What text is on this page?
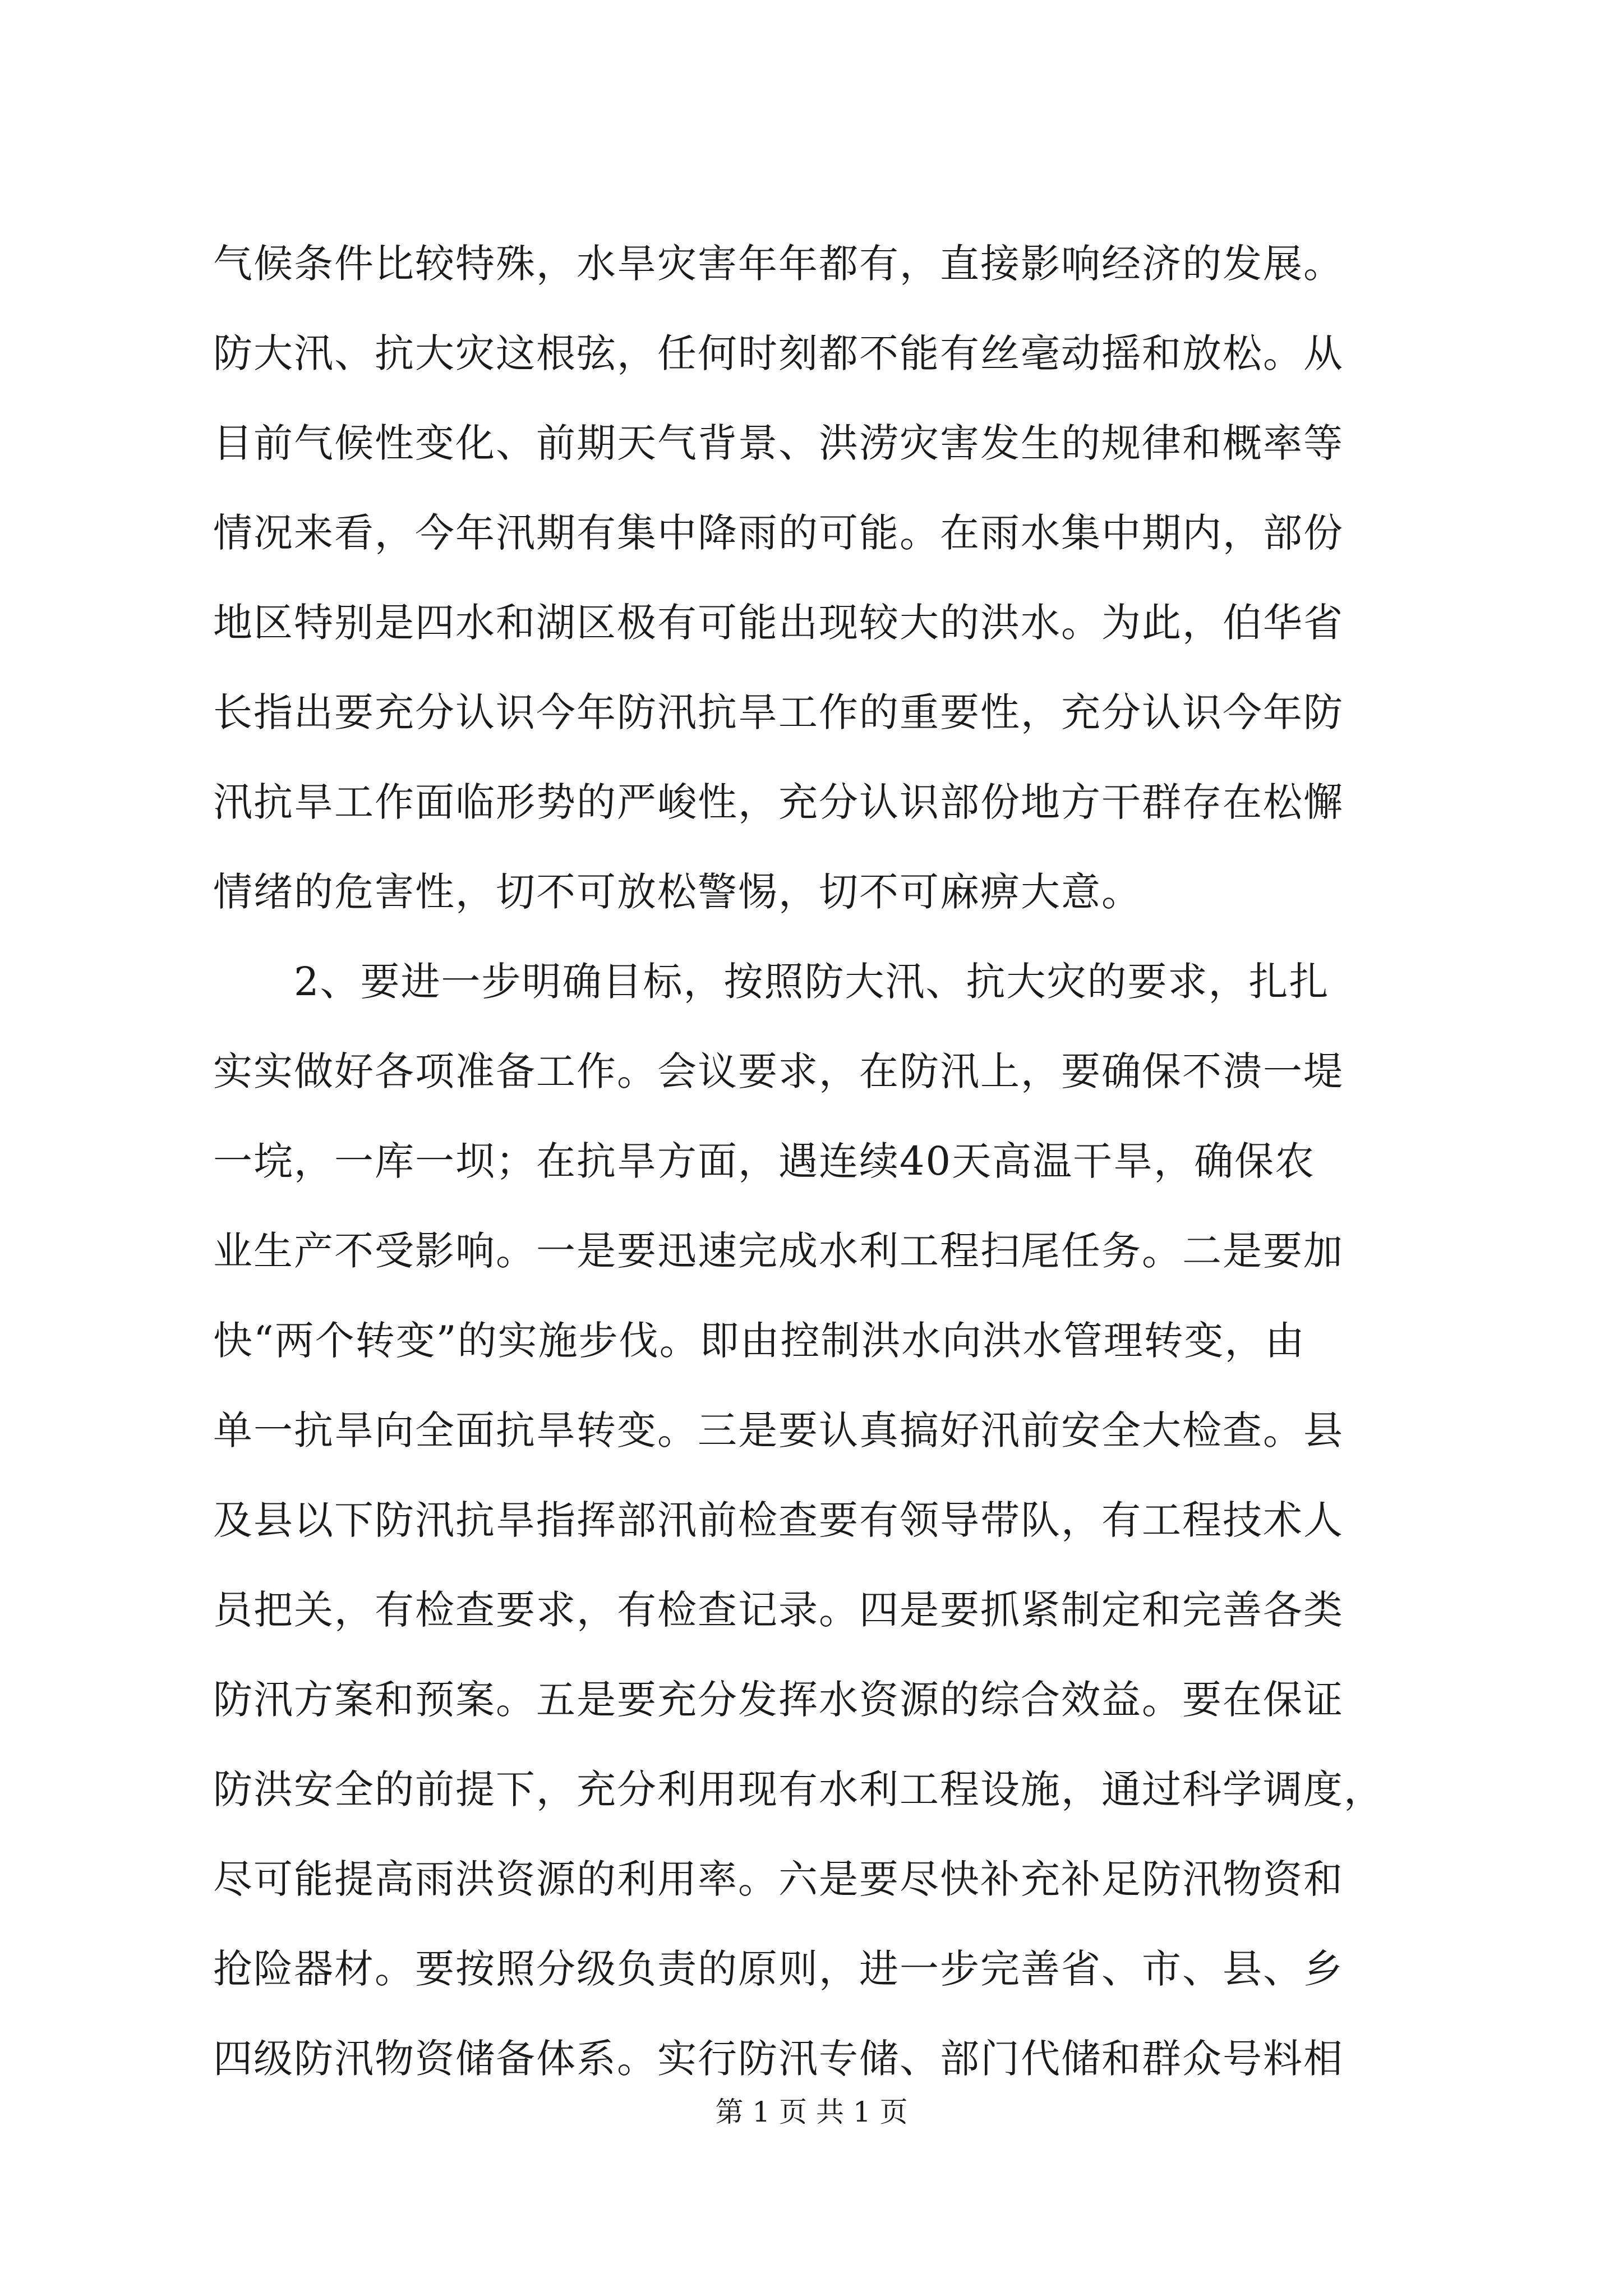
气候条件比较特殊，水旱灾害年年都有，直接影响经济的发展。
防大汛、抗大灾这根弦，任何时刻都不能有丝毫动摇和放松。从
目前气候性变化、前期天气背景、洪涝灾害发生的规律和概率等
情况来看，今年汛期有集中降雨的可能。在雨水集中期内，部份
地区特别是四水和湖区极有可能出现较大的洪水。为此，伯华省
长指出要充分认识今年防汛抗旱工作的重要性，充分认识今年防
汛抗旱工作面临形势的严峻性，充分认识部份地方干群存在松懈
情绪的危害性，切不可放松警惕，切不可麻痹大意。
　　2、要进一步明确目标，按照防大汛、抗大灾的要求，扎扎
实实做好各项准备工作。会议要求，在防汛上，要确保不溃一堤
一垸，一库一坝；在抗旱方面，遇连续40天高温干旱，确保农
业生产不受影响。一是要迅速完成水利工程扫尾任务。二是要加
快“两个转变”的实施步伐。即由控制洪水向洪水管理转变，由
单一抗旱向全面抗旱转变。三是要认真搞好汛前安全大检查。县
及县以下防汛抗旱指挥部汛前检查要有领导带队，有工程技术人
员把关，有检查要求，有检查记录。四是要抓紧制定和完善各类
防汛方案和预案。五是要充分发挥水资源的综合效益。要在保证
防洪安全的前提下，充分利用现有水利工程设施，通过科学调度，
尽可能提高雨洪资源的利用率。六是要尽快补充补足防汛物资和
抢险器材。要按照分级负责的原则，进一步完善省、市、县、乡
四级防汛物资储备体系。实行防汛专储、部门代储和群众号料相
第 1 页 共 1 页
